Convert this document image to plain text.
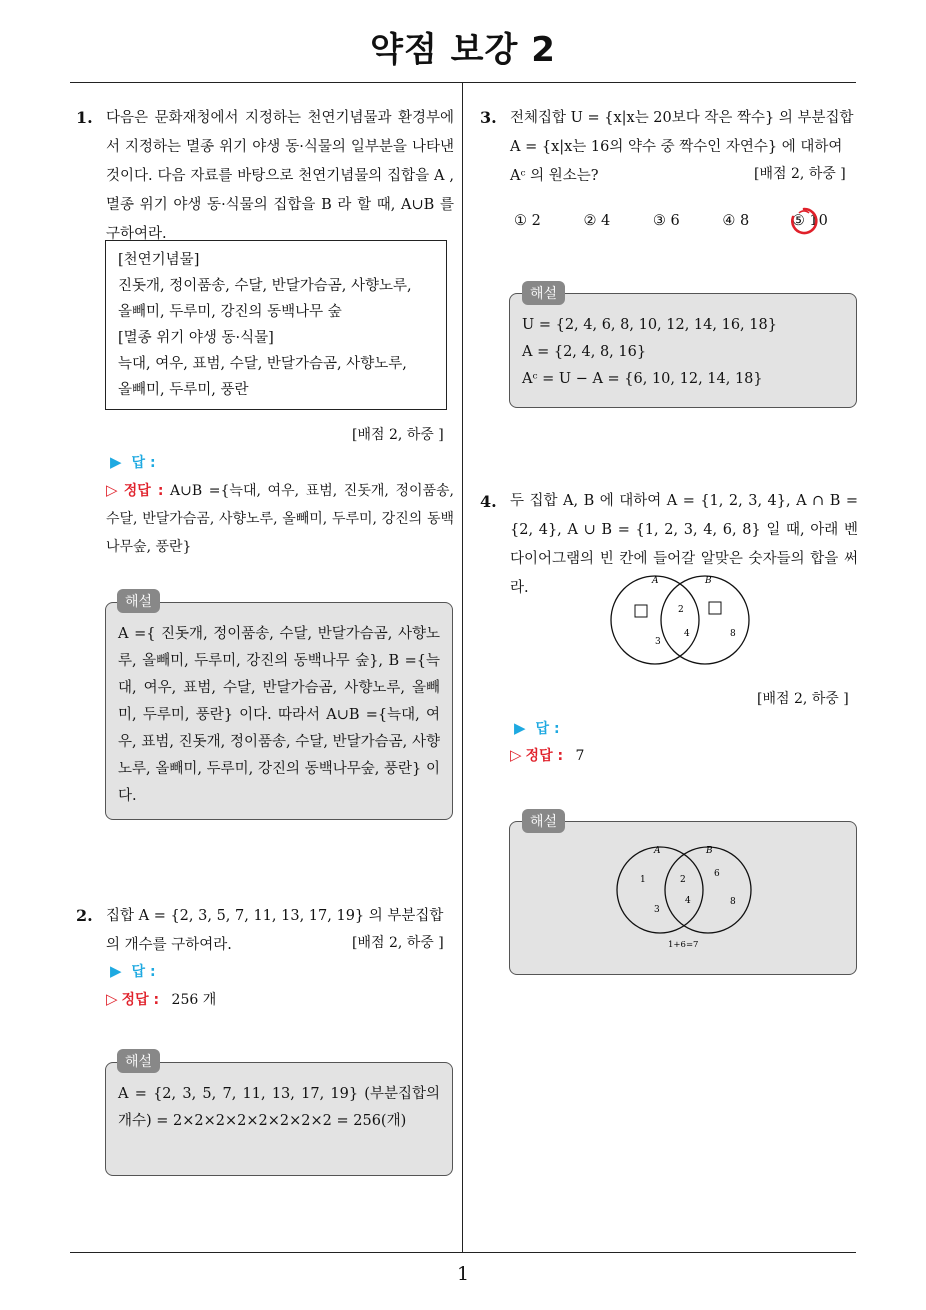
약점 보강 2
1
1. 다음은 문화재청에서 지정하는 천연기념물과 환경부에서 지정하는 멸종 위기 야생 동·식물의 일부분을 나타낸 것이다. 다음 자료를 바탕으로 천연기념물의 집합을 A , 멸종 위기 야생 동·식물의 집합을 B 라 할 때, A∪B 를 구하여라.
[천연기념물]
진돗개, 정이품송, 수달, 반달가슴곰, 사향노루,
올빼미, 두루미, 강진의 동백나무 숲
[멸종 위기 야생 동·식물]
늑대, 여우, 표범, 수달, 반달가슴곰, 사향노루,
올빼미, 두루미, 풍란
[배점 2, 하중 ]
▶ 답 :
▷ 정답 : A∪B ={늑대, 여우, 표범, 진돗개, 정이품송, 수달, 반달가슴곰, 사향노루, 올빼미, 두루미, 강진의 동백나무숲, 풍란}
A ={ 진돗개, 정이품송, 수달, 반달가슴곰, 사향노루, 올빼미, 두루미, 강진의 동백나무 숲}, B ={늑대, 여우, 표범, 수달, 반달가슴곰, 사향노루, 올빼미, 두루미, 풍란} 이다. 따라서 A∪B ={늑대, 여우, 표범, 진돗개, 정이품송, 수달, 반달가슴곰, 사향노루, 올빼미, 두루미, 강진의 동백나무숲, 풍란} 이다.
해설
2. 집합 A = {2, 3, 5, 7, 11, 13, 17, 19} 의 부분집합
의 개수를 구하여라.	[배점 2, 하중 ]
▶ 답 :
▷ 정답 : 256 개
A = {2, 3, 5, 7, 11, 13, 17, 19} (부분집합의 개수) = 2×2×2×2×2×2×2×2 = 256(개)
해설
3. 전체집합 U = {x|x는 20보다 작은 짝수} 의 부분집합
A = {x|x는 16의 약수 중 짝수인 자연수} 에 대하여
Aᶜ 의 원소는?	[배점 2, 하중 ]
① 2	② 4	③ 6	④ 8	⑤ 10
U = {2, 4, 6, 8, 10, 12, 14, 16, 18}
A = {2, 4, 8, 16}
Aᶜ = U − A = {6, 10, 12, 14, 18}
해설
4. 두 집합 A, B 에 대하여 A = {1, 2, 3, 4}, A ∩ B = {2, 4}, A ∪ B = {1, 2, 3, 4, 6, 8} 일 때, 아래 벤 다이어그램의 빈 칸에 들어갈 알맞은 숫자들의 합을 써라.	A	B
2
3
4	8
[배점 2, 하중 ]
▶ 답 :
▷ 정답 : 7
A	B
1	2
6
3
4	8
1+6=7
해설
